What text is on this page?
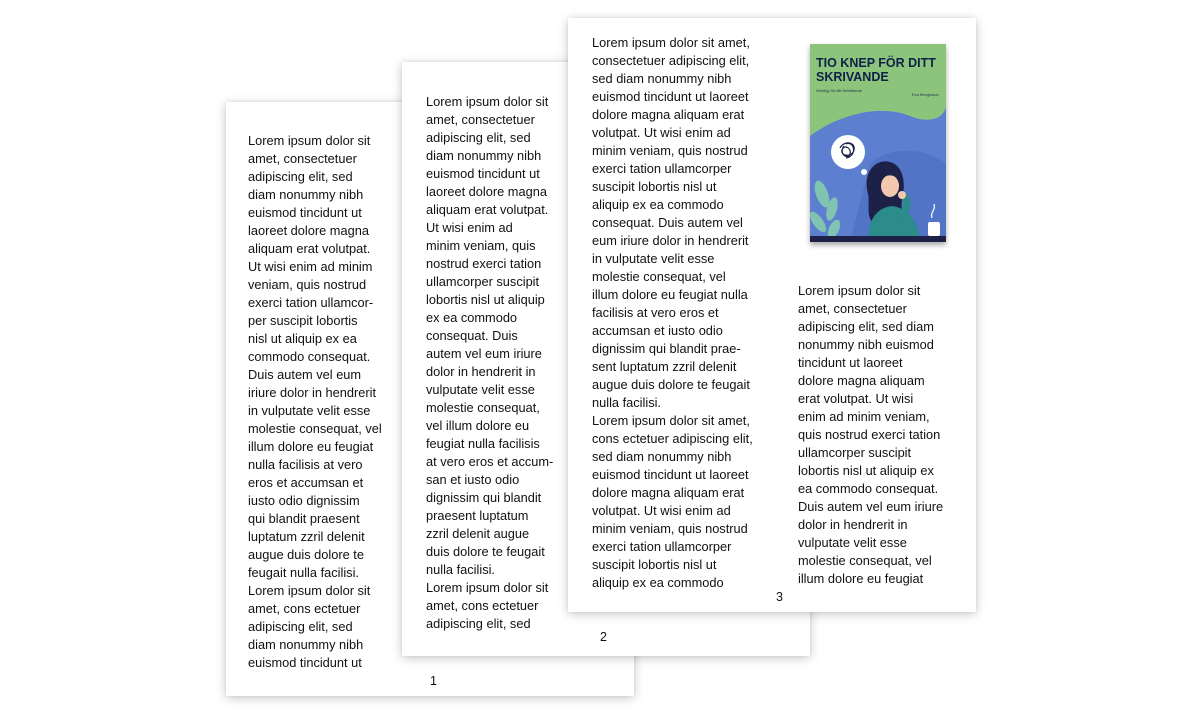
Lorem ipsum dolor sit
amet, consectetuer
adipiscing elit, sed
diam nonummy nibh
euismod tincidunt ut
laoreet dolore magna
aliquam erat volutpat.
Ut wisi enim ad minim
veniam, quis nostrud
exerci tation ullamcor-
per suscipit lobortis
nisl ut aliquip ex ea
commodo consequat.
Duis autem vel eum
iriure dolor in hendrerit
in vulputate velit esse
molestie consequat, vel
illum dolore eu feugiat
nulla facilisis at vero
eros et accumsan et
iusto odio dignissim
qui blandit praesent
luptatum zzril delenit
augue duis dolore te
feugait nulla facilisi.
Lorem ipsum dolor sit
amet, cons ectetuer
adipiscing elit, sed
diam nonummy nibh
euismod tincidunt ut
1
Lorem ipsum dolor sit
amet, consectetuer
adipiscing elit, sed
diam nonummy nibh
euismod tincidunt ut
laoreet dolore magna
aliquam erat volutpat.
Ut wisi enim ad
minim veniam, quis
nostrud exerci tation
ullamcorper suscipit
lobortis nisl ut aliquip
ex ea commodo
consequat. Duis
autem vel eum iriure
dolor in hendrerit in
vulputate velit esse
molestie consequat,
vel illum dolore eu
feugiat nulla facilisis
at vero eros et accum-
san et iusto odio
dignissim qui blandit
praesent luptatum
zzril delenit augue
duis dolore te feugait
nulla facilisi.
Lorem ipsum dolor sit
amet, cons ectetuer
adipiscing elit, sed
2
Lorem ipsum dolor sit amet,
consectetuer adipiscing elit,
sed diam nonummy nibh
euismod tincidunt ut laoreet
dolore magna aliquam erat
volutpat. Ut wisi enim ad
minim veniam, quis nostrud
exerci tation ullamcorper
suscipit lobortis nisl ut
aliquip ex ea commodo
consequat. Duis autem vel
eum iriure dolor in hendrerit
in vulputate velit esse
molestie consequat, vel
illum dolore eu feugiat nulla
facilisis at vero eros et
accumsan et iusto odio
dignissim qui blandit prae-
sent luptatum zzril delenit
augue duis dolore te feugait
nulla facilisi.
Lorem ipsum dolor sit amet,
cons ectetuer adipiscing elit,
sed diam nonummy nibh
euismod tincidunt ut laoreet
dolore magna aliquam erat
volutpat. Ut wisi enim ad
minim veniam, quis nostrud
exerci tation ullamcorper
suscipit lobortis nisl ut
aliquip ex ea commodo
TIO KNEP FÖR DITT SKRIVANDE
Verktyg för ditt författande
Eva Bengtsson
Lorem ipsum dolor sit
amet, consectetuer
adipiscing elit, sed diam
nonummy nibh euismod
tincidunt ut laoreet
dolore magna aliquam
erat volutpat. Ut wisi
enim ad minim veniam,
quis nostrud exerci tation
ullamcorper suscipit
lobortis nisl ut aliquip ex
ea commodo consequat.
Duis autem vel eum iriure
dolor in hendrerit in
vulputate velit esse
molestie consequat, vel
illum dolore eu feugiat
3
